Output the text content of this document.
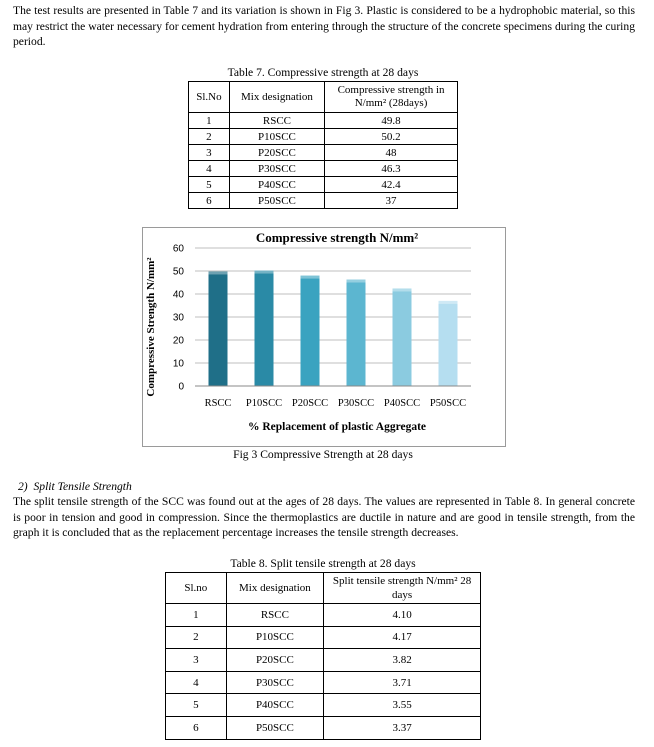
The test results are presented in Table 7 and its variation is shown in Fig 3. Plastic is considered to be a hydrophobic material, so this may restrict the water necessary for cement hydration from entering through the structure of the concrete specimens during the curing period.
Table 7. Compressive strength at 28 days
Sl.No	Mix designation	Compressive strength in N/mm² (28days)
1	RSCC	49.8
2	P10SCC	50.2
3	P20SCC	48
4	P30SCC	46.3
5	P40SCC	42.4
6	P50SCC	37
Compressive strength N/mm²
0
10
20
30
40
50
60
RSCC P10SCC P20SCC P30SCC P40SCC P50SCC
% Replacement of plastic Aggregate
Compressive Strength N/mm²
Fig 3 Compressive Strength at 28 days
2) Split Tensile Strength
The split tensile strength of the SCC was found out at the ages of 28 days. The values are represented in Table 8. In general concrete is poor in tension and good in compression. Since the thermoplastics are ductile in nature and are good in tensile strength, from the graph it is concluded that as the replacement percentage increases the tensile strength decreases.
Table 8. Split tensile strength at 28 days
Sl.no	Mix designation	Split tensile strength N/mm² 28 days
1	RSCC	4.10
2	P10SCC	4.17
3	P20SCC	3.82
4	P30SCC	3.71
5	P40SCC	3.55
6	P50SCC	3.37
